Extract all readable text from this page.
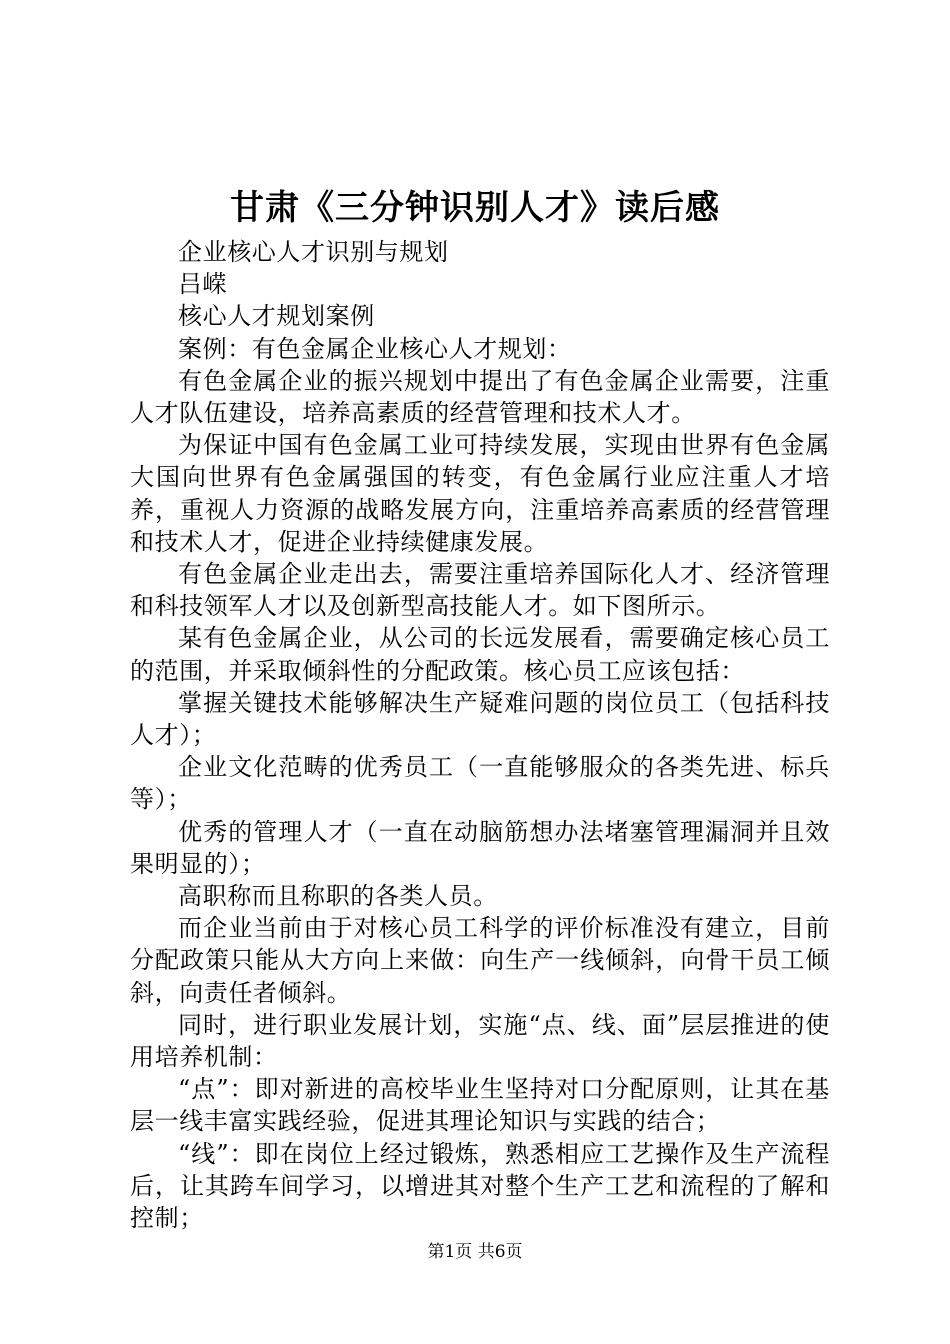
甘肃《三分钟识别人才》读后感

企业核心人才识别与规划

吕嵘

核心人才规划案例

案例：有色金属企业核心人才规划：

有色金属企业的振兴规划中提出了有色金属企业需要，注重人才队伍建设，培养高素质的经营管理和技术人才。

为保证中国有色金属工业可持续发展，实现由世界有色金属大国向世界有色金属强国的转变，有色金属行业应注重人才培养，重视人力资源的战略发展方向，注重培养高素质的经营管理和技术人才，促进企业持续健康发展。

有色金属企业走出去，需要注重培养国际化人才、经济管理和科技领军人才以及创新型高技能人才。如下图所示。

某有色金属企业，从公司的长远发展看，需要确定核心员工的范围，并采取倾斜性的分配政策。核心员工应该包括：

掌握关键技术能够解决生产疑难问题的岗位员工（包括科技人才）；

企业文化范畴的优秀员工（一直能够服众的各类先进、标兵等）；

优秀的管理人才（一直在动脑筋想办法堵塞管理漏洞并且效果明显的）；

高职称而且称职的各类人员。

而企业当前由于对核心员工科学的评价标准没有建立，目前分配政策只能从大方向上来做：向生产一线倾斜，向骨干员工倾斜，向责任者倾斜。

同时，进行职业发展计划，实施“点、线、面”层层推进的使用培养机制：

“点”：即对新进的高校毕业生坚持对口分配原则，让其在基层一线丰富实践经验，促进其理论知识与实践的结合；

“线”：即在岗位上经过锻炼，熟悉相应工艺操作及生产流程后，让其跨车间学习，以增进其对整个生产工艺和流程的了解和控制；

第1页 共6页
